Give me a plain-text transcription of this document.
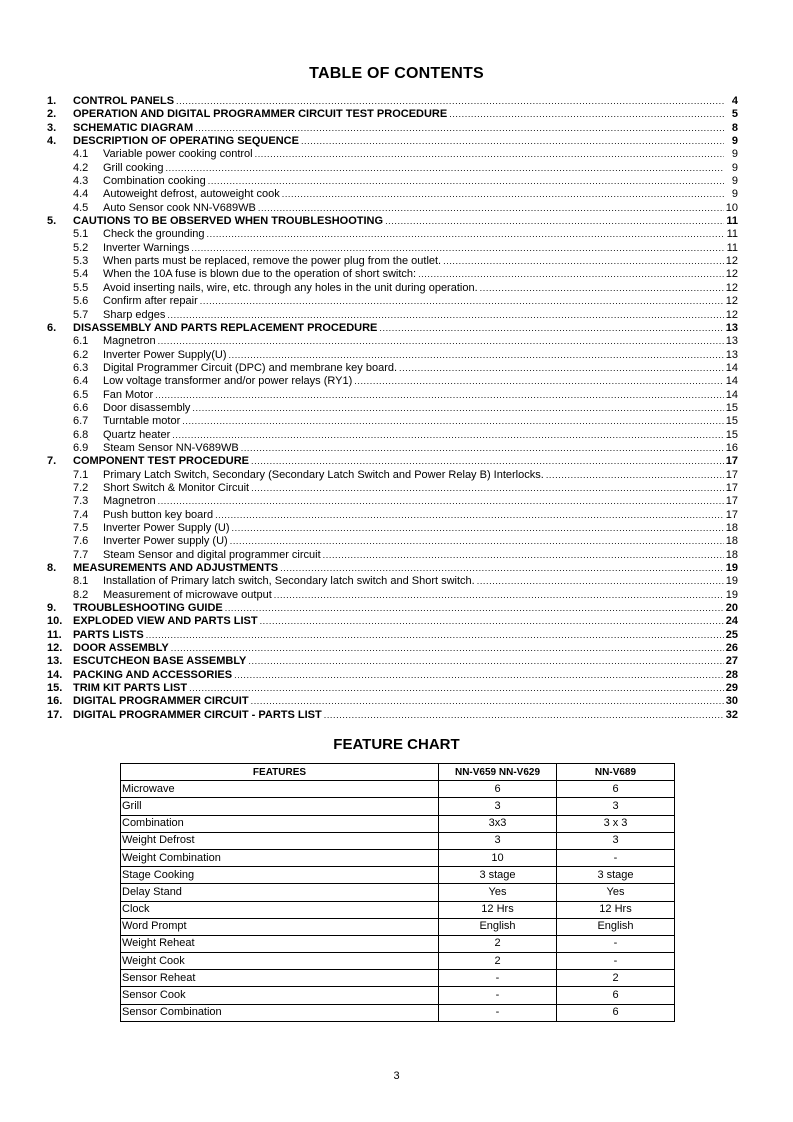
TABLE OF CONTENTS
1.	CONTROL PANELS .....	4
2.	OPERATION AND DIGITAL PROGRAMMER CIRCUIT TEST PROCEDURE .....	5
3.	SCHEMATIC DIAGRAM .....	8
4.	DESCRIPTION OF OPERATING SEQUENCE .....	9
4.1	Variable power cooking control .....	9
4.2	Grill cooking .....	9
4.3	Combination cooking .....	9
4.4	Autoweight defrost, autoweight cook .....	9
4.5	Auto Sensor cook NN-V689WB .....	10
5.	CAUTIONS TO BE OBSERVED WHEN TROUBLESHOOTING .....	11
5.1	Check the grounding .....	11
5.2	Inverter Warnings .....	11
5.3	When parts must be replaced, remove the power plug from the outlet. .....	12
5.4	When the 10A fuse is blown due to the operation of short switch: .....	12
5.5	Avoid inserting nails, wire, etc. through any holes in the unit during operation. .....	12
5.6	Confirm after repair .....	12
5.7	Sharp edges .....	12
6.	DISASSEMBLY AND PARTS REPLACEMENT PROCEDURE .....	13
6.1	Magnetron .....	13
6.2	Inverter Power Supply(U) .....	13
6.3	Digital Programmer Circuit (DPC) and membrane key board. .....	14
6.4	Low voltage transformer and/or power relays (RY1) .....	14
6.5	Fan Motor .....	14
6.6	Door disassembly .....	15
6.7	Turntable motor .....	15
6.8	Quartz heater .....	15
6.9	Steam Sensor NN-V689WB .....	16
7.	COMPONENT TEST PROCEDURE .....	17
7.1	Primary Latch Switch, Secondary (Secondary Latch Switch and Power Relay B) Interlocks. .....	17
7.2	Short Switch & Monitor Circuit .....	17
7.3	Magnetron .....	17
7.4	Push button key board .....	17
7.5	Inverter Power Supply (U) .....	18
7.6	Inverter Power supply (U) .....	18
7.7	Steam Sensor and digital programmer circuit .....	18
8.	MEASUREMENTS AND ADJUSTMENTS .....	19
8.1	Installation of Primary latch switch, Secondary latch switch and Short switch. .....	19
8.2	Measurement of microwave output .....	19
9.	TROUBLESHOOTING GUIDE .....	20
10. EXPLODED VIEW AND PARTS LIST .....	24
11.	PARTS LISTS .....	25
12. DOOR ASSEMBLY .....	26
13. ESCUTCHEON BASE ASSEMBLY .....	27
14. PACKING AND ACCESSORIES .....	28
15. TRIM KIT PARTS LIST .....	29
16. DIGITAL PROGRAMMER CIRCUIT .....	30
17. DIGITAL PROGRAMMER CIRCUIT - PARTS LIST .....	32
FEATURE CHART
FEATURES	NN-V659 NN-V629	NN-V689
Microwave	6	6
Grill	3	3
Combination	3x3	3 x 3
Weight Defrost	3	3
Weight Combination	10	-
Stage Cooking	3 stage	3 stage
Delay Stand	Yes	Yes
Clock	12 Hrs	12 Hrs
Word Prompt	English	English
Weight Reheat	2	-
Weight Cook	2	-
Sensor Reheat	-	2
Sensor Cook	-	6
Sensor Combination	-	6
3
